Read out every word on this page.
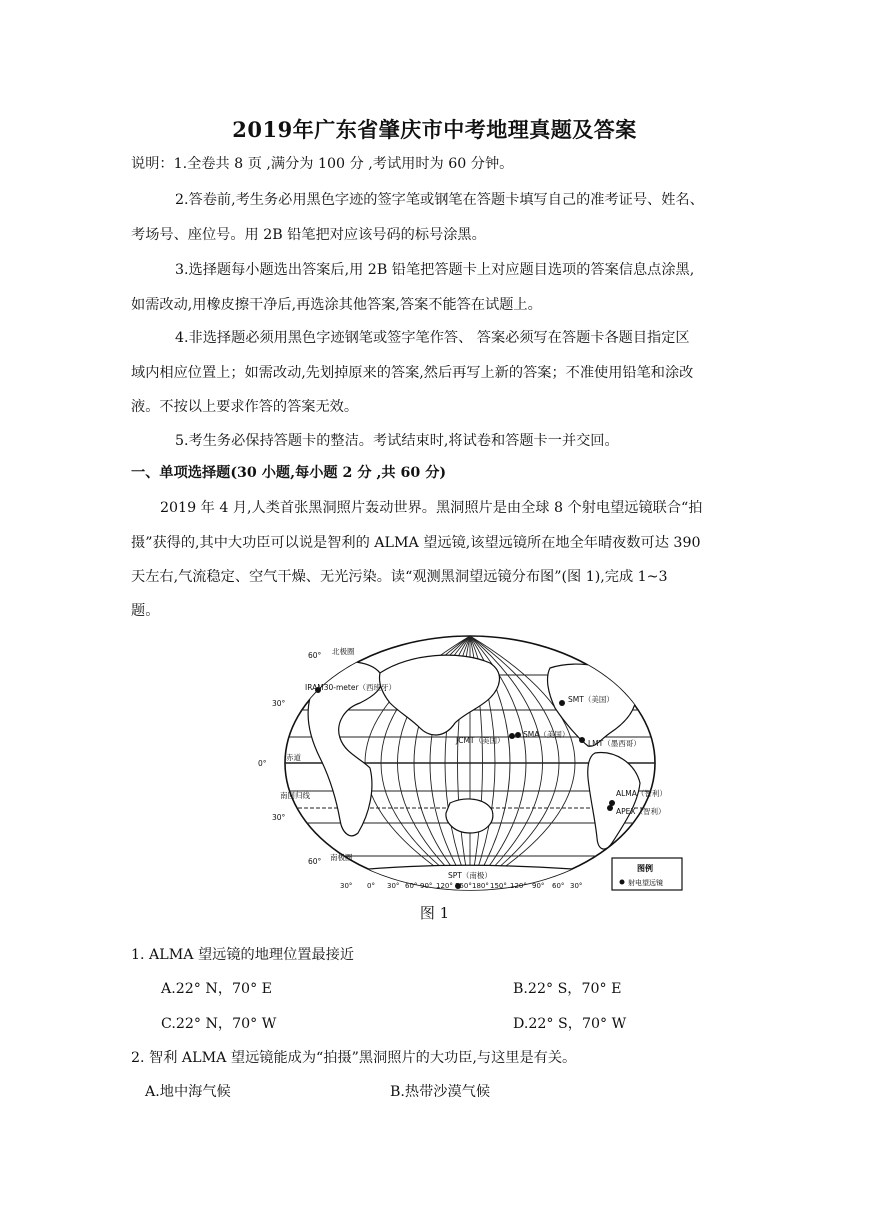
2019年广东省肇庆市中考地理真题及答案
说明：1.全卷共 8 页 ,满分为 100 分 ,考试用时为 60 分钟。
2.答卷前,考生务必用黑色字迹的签字笔或钢笔在答题卡填写自己的准考证号、姓名、
考场号、座位号。用 2B 铅笔把对应该号码的标号涂黑。
3.选择题每小题选出答案后,用 2B 铅笔把答题卡上对应题目选项的答案信息点涂黑,
如需改动,用橡皮擦干净后,再选涂其他答案,答案不能答在试题上。
4.非选择题必须用黑色字迹钢笔或签字笔作答、 答案必须写在答题卡各题目指定区
域内相应位置上；如需改动,先划掉原来的答案,然后再写上新的答案；不准使用铅笔和涂改
液。不按以上要求作答的答案无效。
5.考生务必保持答题卡的整洁。考试结束时,将试卷和答题卡一并交回。
一、单项选择题(30 小题,每小题 2 分 ,共 60 分)
2019 年 4 月,人类首张黑洞照片轰动世界。黑洞照片是由全球 8 个射电望远镜联合“拍
摄”获得的,其中大功臣可以说是智利的 ALMA 望远镜,该望远镜所在地全年晴夜数可达 390
天左右,气流稳定、空气干燥、无光污染。读“观测黑洞望远镜分布图”(图 1),完成 1~3
题。
IRAM30-meter（西班牙）
SMT（美国）
JCMT（美国）
SMA（美国）
LMT（墨西哥）
ALMA（智利）
APEX（智利）
SPT（南极）
60° 北极圈
30°
0°
赤道
南回归线
30°
60° 南极圈
30° 0° 30° 60° 90° 120° 150° 180° 150° 120° 90° 60° 30°
图例
射电望远镜
图 1
1. ALMA 望远镜的地理位置最接近
A.22° N，70° E	B.22° S，70° E
C.22° N，70° W	D.22° S，70° W
2. 智利 ALMA 望远镜能成为“拍摄”黑洞照片的大功臣,与这里是有关。
A.地中海气候	B.热带沙漠气候
